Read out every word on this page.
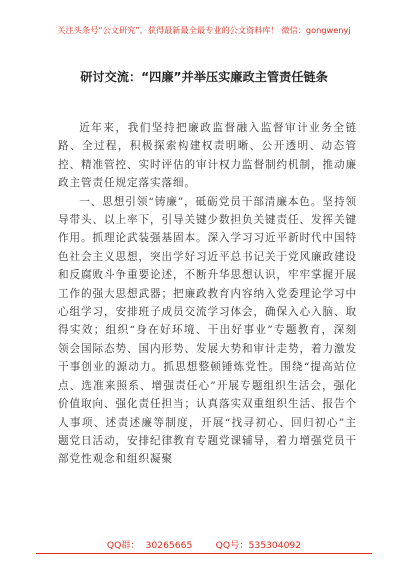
关注头条号“公文研究”，获得最新最全最专业的公文资料库！ 微信：gongwenyj
研讨交流：“四廉”并举压实廉政主管责任链条

近年来，我们坚持把廉政监督融入监督审计业务全链路、全过程，积极探索构建权责明晰、公开透明、动态管控、精准管控、实时评估的审计权力监督制约机制，推动廉政主管责任规定落实落细。

一、思想引领“铸廉”，砥砺党员干部清廉本色。坚持领导带头、以上率下，引导关键少数担负关键责任、发挥关键作用。抓理论武装强基固本。深入学习习近平新时代中国特色社会主义思想，突出学好习近平总书记关于党风廉政建设和反腐败斗争重要论述，不断升华思想认识，牢牢掌握开展工作的强大思想武器；把廉政教育内容纳入党委理论学习中心组学习，安排班子成员交流学习体会，确保入心入脑、取得实效；组织“身在好环境、干出好事业”专题教育，深刻领会国际态势、国内形势、发展大势和审计走势，着力激发干事创业的源动力。抓思想整顿锤炼党性。围绕“提高站位点、选准来照系、增强责任心”开展专题组织生活会，强化价值取向、强化责任担当；认真落实双重组织生活、报告个人事项、述责述廉等制度，开展“找寻初心、回归初心”主题党日活动，安排纪律教育专题党课辅导，着力增强党员干部党性观念和组织凝聚

QQ群：  30265665        QQ号：535304092
